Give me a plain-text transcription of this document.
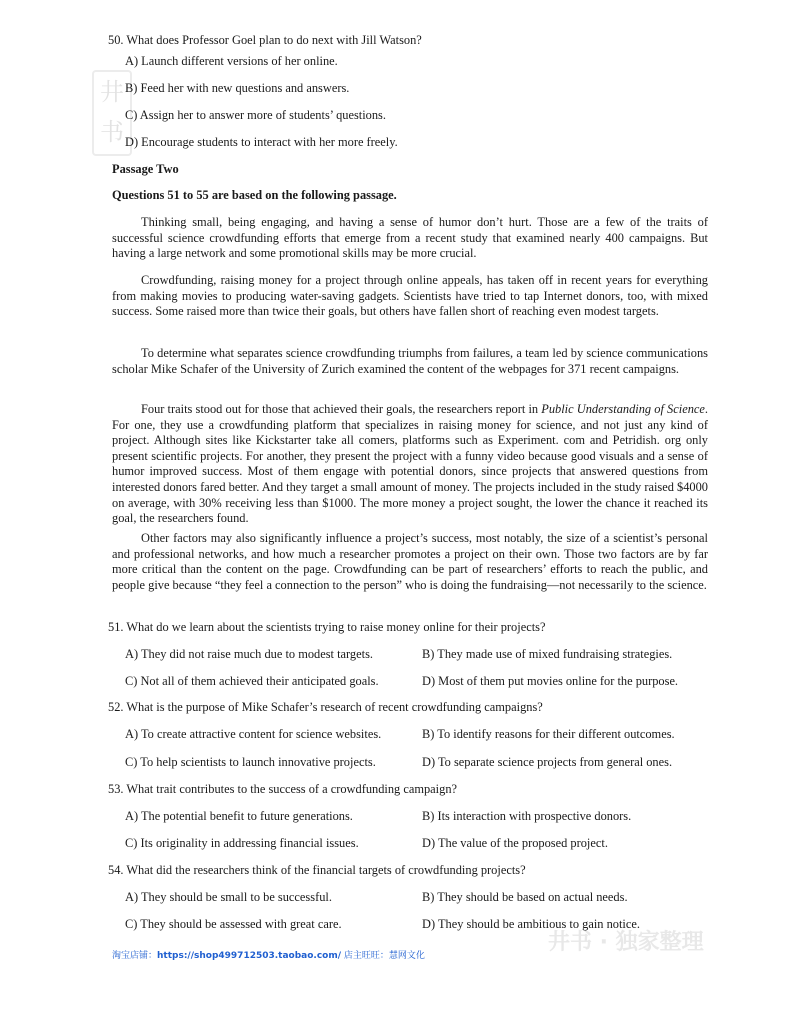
井 书

50. What does Professor Goel plan to do next with Jill Watson?

A) Launch different versions of her online.

B) Feed her with new questions and answers.

C) Assign her to answer more of students’ questions.

D) Encourage students to interact with her more freely.

Passage Two

Questions 51 to 55 are based on the following passage.

Thinking small, being engaging, and having a sense of humor don’t hurt. Those are a few of the traits of successful science crowdfunding efforts that emerge from a recent study that examined nearly 400 campaigns. But having a large network and some promotional skills may be more crucial.

Crowdfunding, raising money for a project through online appeals, has taken off in recent years for everything from making movies to producing water-saving gadgets. Scientists have tried to tap Internet donors, too, with mixed success. Some raised more than twice their goals, but others have fallen short of reaching even modest targets.

To determine what separates science crowdfunding triumphs from failures, a team led by science communications scholar Mike Schafer of the University of Zurich examined the content of the webpages for 371 recent campaigns.

Four traits stood out for those that achieved their goals, the researchers report in Public Understanding of Science. For one, they use a crowdfunding platform that specializes in raising money for science, and not just any kind of project. Although sites like Kickstarter take all comers, platforms such as Experiment. com and Petridish. org only present scientific projects. For another, they present the project with a funny video because good visuals and a sense of humor improved success. Most of them engage with potential donors, since projects that answered questions from interested donors fared better. And they target a small amount of money. The projects included in the study raised $4000 on average, with 30% receiving less than $1000. The more money a project sought, the lower the chance it reached its goal, the researchers found.

Other factors may also significantly influence a project’s success, most notably, the size of a scientist’s personal and professional networks, and how much a researcher promotes a project on their own. Those two factors are by far more critical than the content on the page. Crowdfunding can be part of researchers’ efforts to reach the public, and people give because “they feel a connection to the person” who is doing the fundraising—not necessarily to the science.

51. What do we learn about the scientists trying to raise money online for their projects?

A) They did not raise much due to modest targets.	B) They made use of mixed fundraising strategies.

C) Not all of them achieved their anticipated goals.	D) Most of them put movies online for the purpose.

52. What is the purpose of Mike Schafer’s research of recent crowdfunding campaigns?

A) To create attractive content for science websites.	B) To identify reasons for their different outcomes.

C) To help scientists to launch innovative projects.	D) To separate science projects from general ones.

53. What trait contributes to the success of a crowdfunding campaign?

A) The potential benefit to future generations.	B) Its interaction with prospective donors.

C) Its originality in addressing financial issues.	D) The value of the proposed project.

54. What did the researchers think of the financial targets of crowdfunding projects?

A) They should be small to be successful.	B) They should be based on actual needs.

C) They should be assessed with great care.	D) They should be ambitious to gain notice.

井书 · 独家整理

淘宝店铺：https://shop499712503.taobao.com/ 店主旺旺：慧网文化
